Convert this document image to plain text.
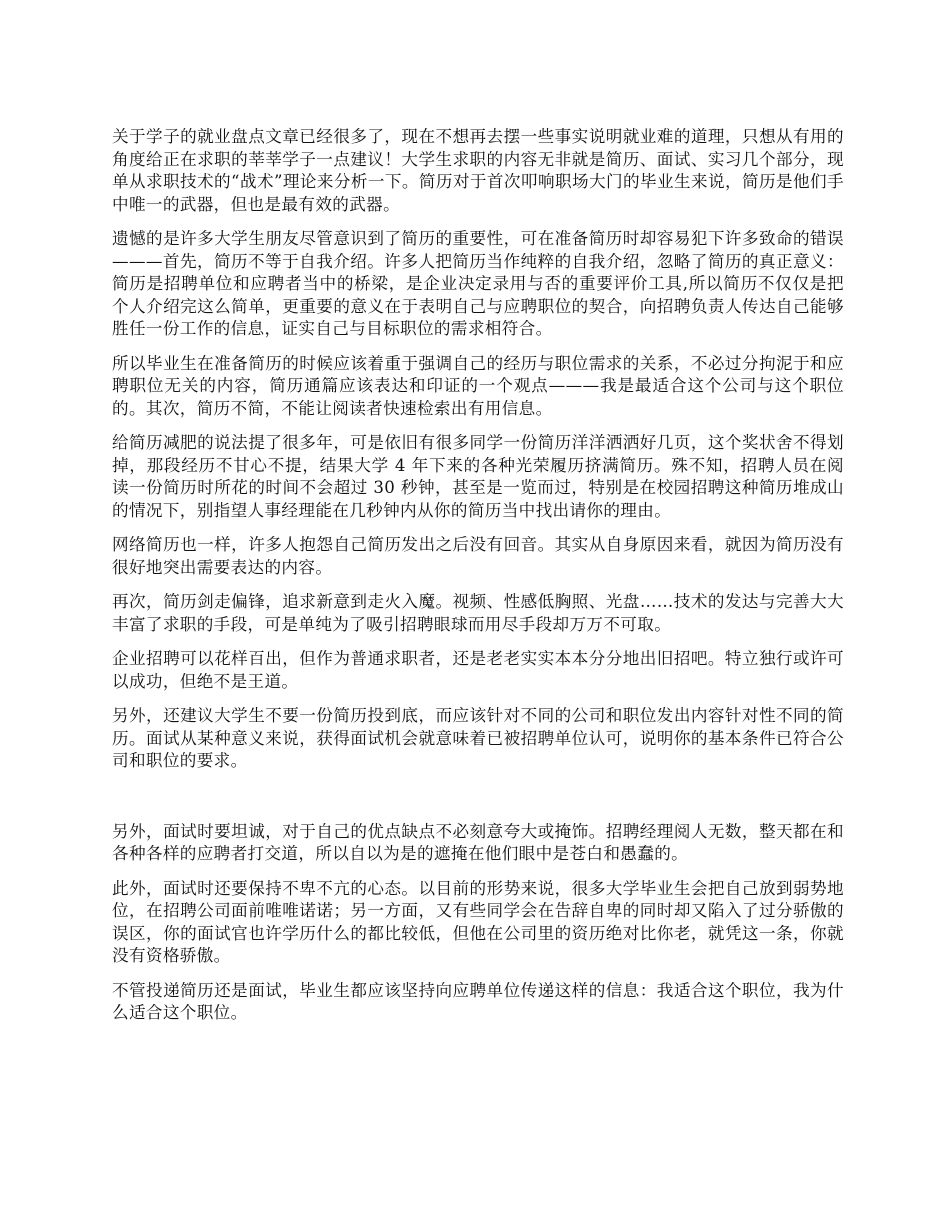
关于学子的就业盘点文章已经很多了，现在不想再去摆一些事实说明就业难的道理，只想从有用的角度给正在求职的莘莘学子一点建议！大学生求职的内容无非就是简历、面试、实习几个部分，现单从求职技术的“战术”理论来分析一下。简历对于首次叩响职场大门的毕业生来说，简历是他们手中唯一的武器，但也是最有效的武器。

遗憾的是许多大学生朋友尽管意识到了简历的重要性，可在准备简历时却容易犯下许多致命的错误———首先，简历不等于自我介绍。许多人把简历当作纯粹的自我介绍，忽略了简历的真正意义：简历是招聘单位和应聘者当中的桥梁，是企业决定录用与否的重要评价工具,所以简历不仅仅是把个人介绍完这么简单，更重要的意义在于表明自己与应聘职位的契合，向招聘负责人传达自己能够胜任一份工作的信息，证实自己与目标职位的需求相符合。

所以毕业生在准备简历的时候应该着重于强调自己的经历与职位需求的关系，不必过分拘泥于和应聘职位无关的内容，简历通篇应该表达和印证的一个观点———我是最适合这个公司与这个职位的。其次，简历不简，不能让阅读者快速检索出有用信息。

给简历减肥的说法提了很多年，可是依旧有很多同学一份简历洋洋洒洒好几页，这个奖状舍不得划掉，那段经历不甘心不提，结果大学 4 年下来的各种光荣履历挤满简历。殊不知，招聘人员在阅读一份简历时所花的时间不会超过 30 秒钟，甚至是一览而过，特别是在校园招聘这种简历堆成山的情况下，别指望人事经理能在几秒钟内从你的简历当中找出请你的理由。

网络简历也一样，许多人抱怨自己简历发出之后没有回音。其实从自身原因来看，就因为简历没有很好地突出需要表达的内容。

再次，简历剑走偏锋，追求新意到走火入魔。视频、性感低胸照、光盘……技术的发达与完善大大丰富了求职的手段，可是单纯为了吸引招聘眼球而用尽手段却万万不可取。

企业招聘可以花样百出，但作为普通求职者，还是老老实实本本分分地出旧招吧。特立独行或许可以成功，但绝不是王道。

另外，还建议大学生不要一份简历投到底，而应该针对不同的公司和职位发出内容针对性不同的简历。面试从某种意义来说，获得面试机会就意味着已被招聘单位认可，说明你的基本条件已符合公司和职位的要求。

另外，面试时要坦诚，对于自己的优点缺点不必刻意夸大或掩饰。招聘经理阅人无数，整天都在和各种各样的应聘者打交道，所以自以为是的遮掩在他们眼中是苍白和愚蠢的。

此外，面试时还要保持不卑不亢的心态。以目前的形势来说，很多大学毕业生会把自己放到弱势地位，在招聘公司面前唯唯诺诺；另一方面，又有些同学会在告辞自卑的同时却又陷入了过分骄傲的误区，你的面试官也许学历什么的都比较低，但他在公司里的资历绝对比你老，就凭这一条，你就没有资格骄傲。

不管投递简历还是面试，毕业生都应该坚持向应聘单位传递这样的信息：我适合这个职位，我为什么适合这个职位。
